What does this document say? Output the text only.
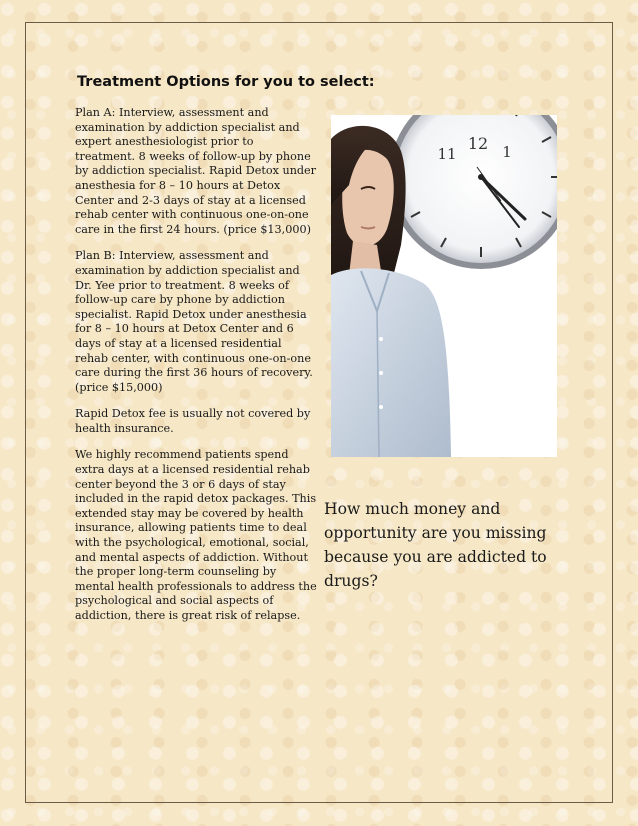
Treatment Options for you to select:

Plan A: Interview, assessment and examination by addiction specialist and expert anesthesiologist prior to treatment. 8 weeks of follow-up by phone by addiction specialist. Rapid Detox under anesthesia for 8 – 10 hours at Detox Center and 2-3 days of stay at a licensed rehab center with continuous one-on-one care in the first 24 hours. (price $13,000)

Plan B: Interview, assessment and examination by addiction specialist and Dr. Yee prior to treatment. 8 weeks of follow-up care by phone by addiction specialist. Rapid Detox under anesthesia for 8 – 10 hours at Detox Center and 6 days of stay at a licensed residential rehab center, with continuous one-on-one care during the first 36 hours of recovery. (price $15,000)

Rapid Detox fee is usually not covered by health insurance.

We highly recommend patients spend extra days at a licensed residential rehab center beyond the 3 or 6 days of stay included in the rapid detox packages. This extended stay may be covered by health insurance, allowing patients time to deal with the psychological, emotional, social, and mental aspects of addiction. Without the proper long-term counseling by mental health professionals to address the psychological and social aspects of addiction, there is great risk of relapse.

12 1
11
How much money and opportunity are you missing because you are addicted to drugs?
